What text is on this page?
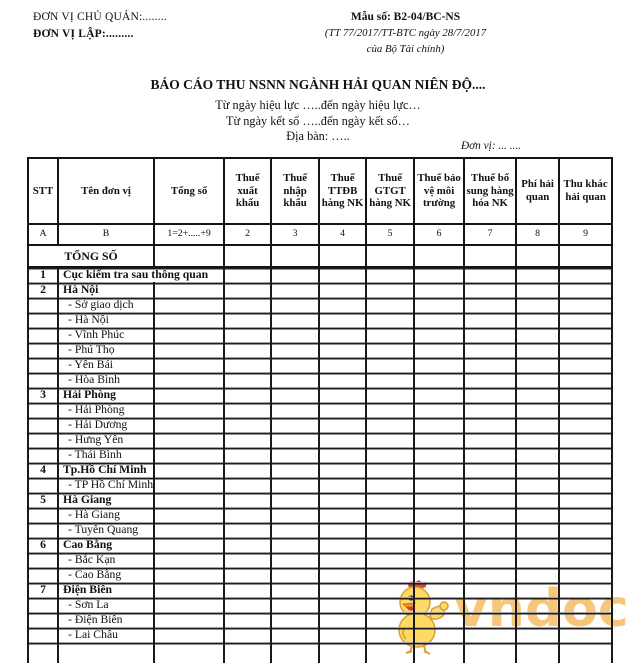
ĐƠN VỊ CHỦ QUẢN:........
ĐƠN VỊ LẬP:.........
Mẫu số: B2-04/BC-NS
(TT 77/2017/TT-BTC ngày 28/7/2017
của Bộ Tài chính)
BÁO CÁO THU NSNN NGÀNH HẢI QUAN NIÊN ĐỘ....
Từ ngày hiệu lực …..đến ngày hiệu lực…
Từ ngày kết sổ …..đến ngày kết sổ…
Địa bàn: …..
Đơn vị: ... ....
vndoc
STT	Tên đơn vị	Tổng số	Thuế xuất khẩu	Thuế nhập khẩu	Thuế TTĐB hàng NK	Thuế GTGT hàng NK	Thuế bảo vệ môi trường	Thuế bổ sung hàng hóa NK	Phí hải quan	Thu khác hải quan
A	B	1=2+.....+9	2	3	4	5	6	7	8	9
TỔNG SỐ										
1	Cục kiểm tra sau thông quan									
2	Hà Nội									
	- Sở giao dịch									
	- Hà Nội									
	- Vĩnh Phúc									
	- Phú Thọ									
	- Yên Bái									
	- Hòa Bình									
3	Hải Phòng									
	- Hải Phòng									
	- Hải Dương									
	- Hưng Yên									
	- Thái Bình									
4	Tp.Hồ Chí Minh									
	- TP Hồ Chí Minh									
5	Hà Giang									
	- Hà Giang									
	- Tuyên Quang									
6	Cao Bằng									
	- Bắc Kạn									
	- Cao Bằng									
7	Điện Biên									
	- Sơn La									
	- Điện Biên									
	- Lai Châu									
